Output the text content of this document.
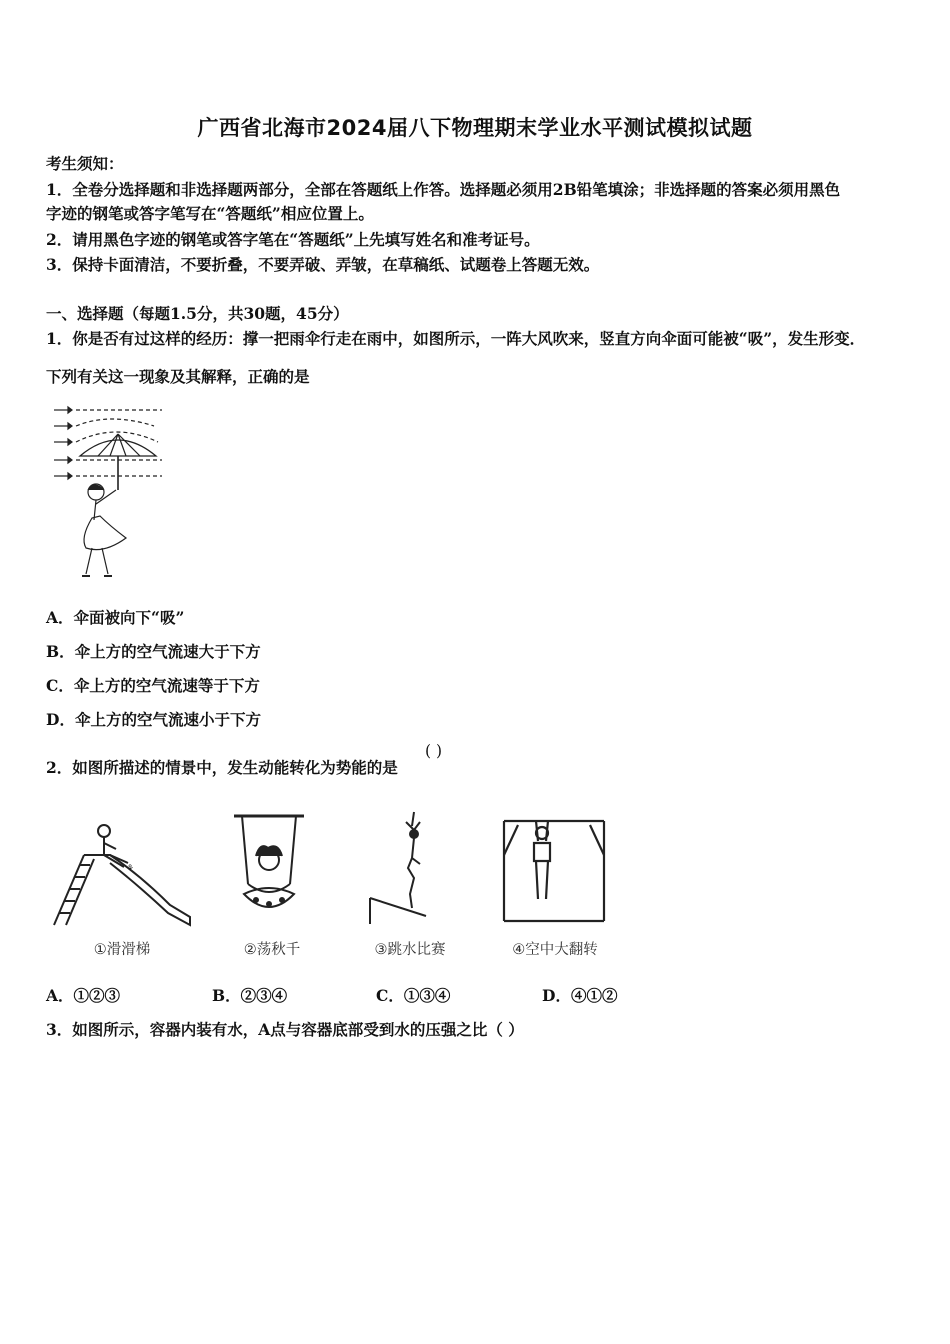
广西省北海市2024届八下物理期末学业水平测试模拟试题
考生须知：
1．全卷分选择题和非选择题两部分，全部在答题纸上作答。选择题必须用2B铅笔填涂；非选择题的答案必须用黑色
字迹的钢笔或答字笔写在“答题纸”相应位置上。
2．请用黑色字迹的钢笔或答字笔在“答题纸”上先填写姓名和准考证号。
3．保持卡面清洁，不要折叠，不要弄破、弄皱，在草稿纸、试题卷上答题无效。
一、选择题（每题1.5分，共30题，45分）
1．你是否有过这样的经历：撑一把雨伞行走在雨中，如图所示，一阵大风吹来，竖直方向伞面可能被“吸”，发生形变．
下列有关这一现象及其解释，正确的是
A．伞面被向下“吸”
B．伞上方的空气流速大于下方
C．伞上方的空气流速等于下方
D．伞上方的空气流速小于下方
2．如图所描述的情景中，发生动能转化为势能的是
( )
⚘
①滑滑梯	②荡秋千	③跳水比赛	④空中大翻转
A．①②③	B．②③④	C．①③④	D．④①②
3．如图所示，容器内装有水，A点与容器底部受到水的压强之比（ ）
